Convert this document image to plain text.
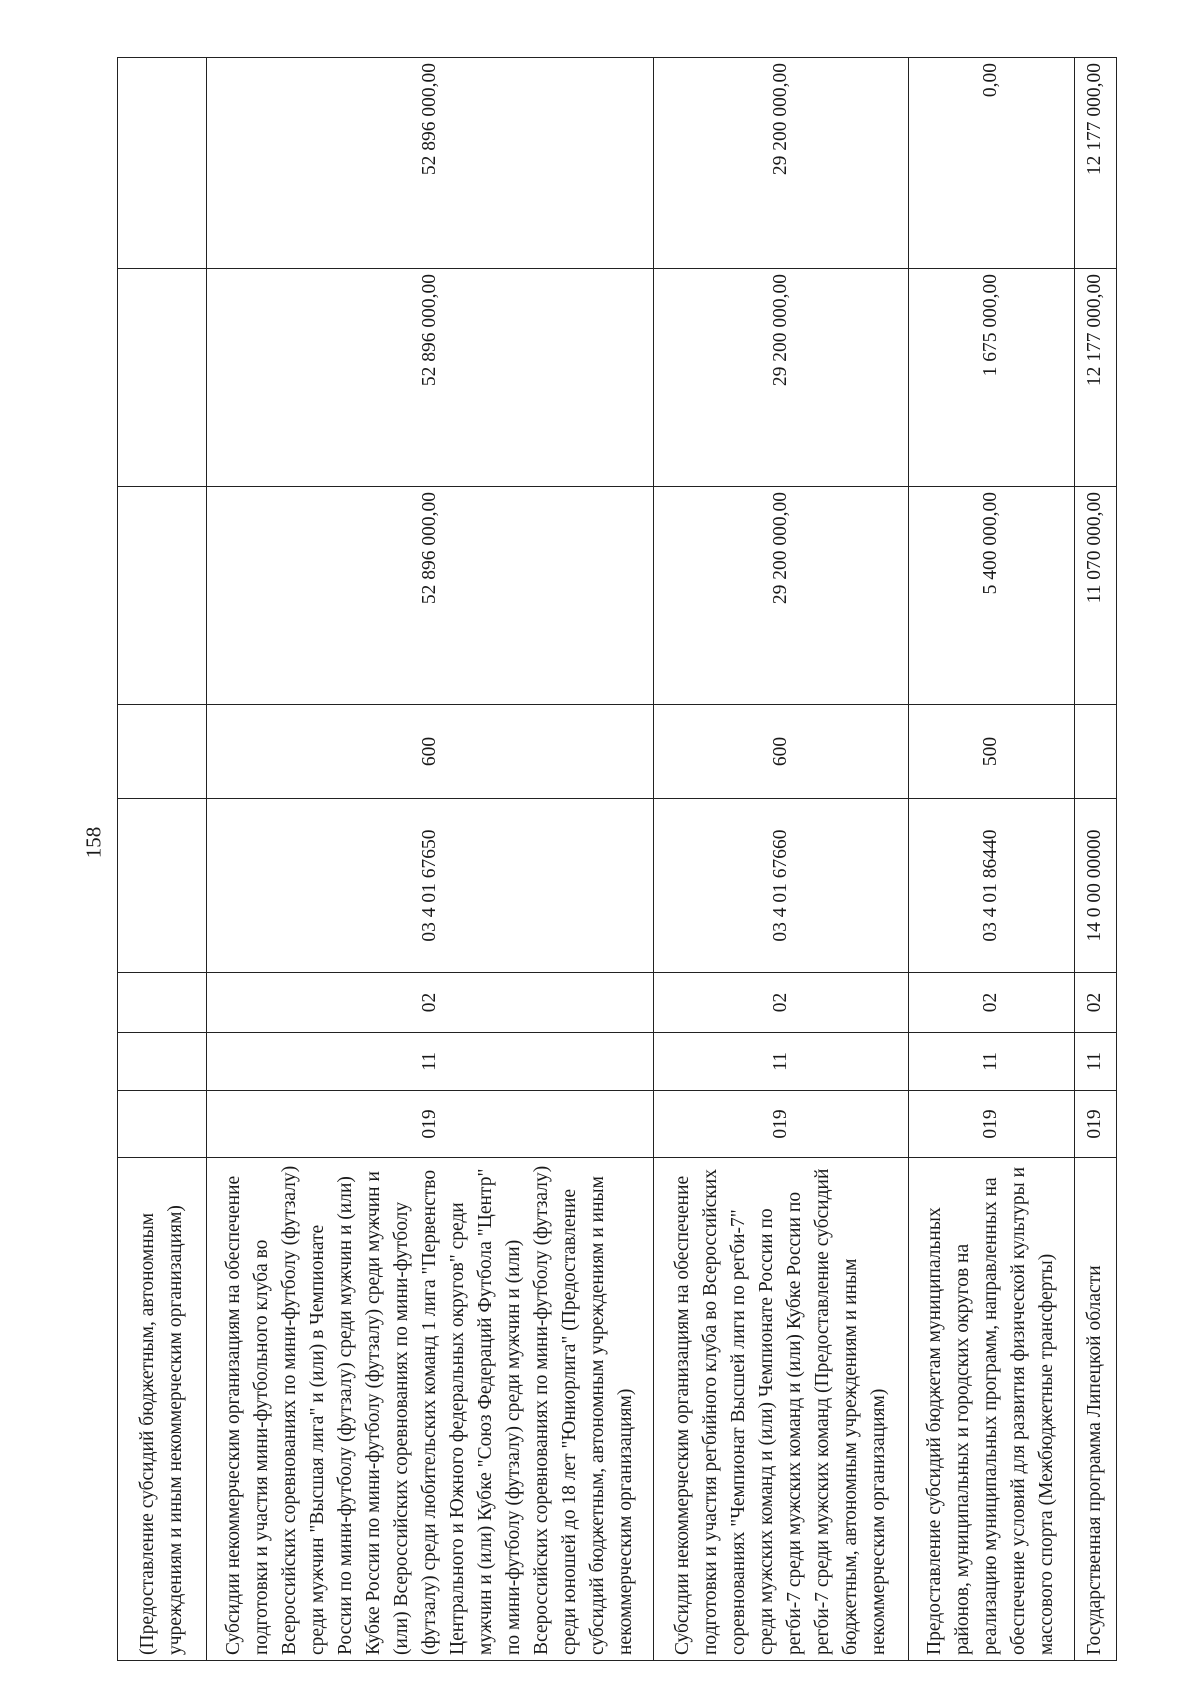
158
(Предоставление субсидий бюджетным, автономным учреждениям и иным некоммерческим организациям)								
Субсидии некоммерческим организациям на обеспечение подготовки и участия мини-футбольного клуба во Всероссийских соревнованиях по мини-футболу (футзалу) среди мужчин "Высшая лига" и (или) в Чемпионате России по мини-футболу (футзалу) среди мужчин и (или) Кубке России по мини-футболу (футзалу) среди мужчин и (или) Всероссийских соревнованиях по мини-футболу (футзалу) среди любительских команд 1 лига "Первенство Центрального и Южного федеральных округов" среди мужчин и (или) Кубке "Союз Федераций Футбола "Центр" по мини-футболу (футзалу) среди мужчин и (или) Всероссийских соревнованиях по мини-футболу (футзалу) среди юношей до 18 лет "Юниорлига" (Предоставление субсидий бюджетным, автономным учреждениям и иным некоммерческим организациям)	019	11	02	03 4 01 67650	600	52 896 000,00	52 896 000,00	52 896 000,00
Субсидии некоммерческим организациям на обеспечение подготовки и участия регбийного клуба во Всероссийских соревнованиях "Чемпионат Высшей лиги по регби-7" среди мужских команд и (или) Чемпионате России по регби-7 среди мужских команд и (или) Кубке России по регби-7 среди мужских команд (Предоставление субсидий бюджетным, автономным учреждениям и иным некоммерческим организациям)	019	11	02	03 4 01 67660	600	29 200 000,00	29 200 000,00	29 200 000,00
Предоставление субсидий бюджетам муниципальных районов, муниципальных и городских округов на реализацию муниципальных программ, направленных на обеспечение условий для развития физической культуры и массового спорта (Межбюджетные трансферты)	019	11	02	03 4 01 86440	500	5 400 000,00	1 675 000,00	0,00
Государственная программа Липецкой области	019	11	02	14 0 00 00000		11 070 000,00	12 177 000,00	12 177 000,00
